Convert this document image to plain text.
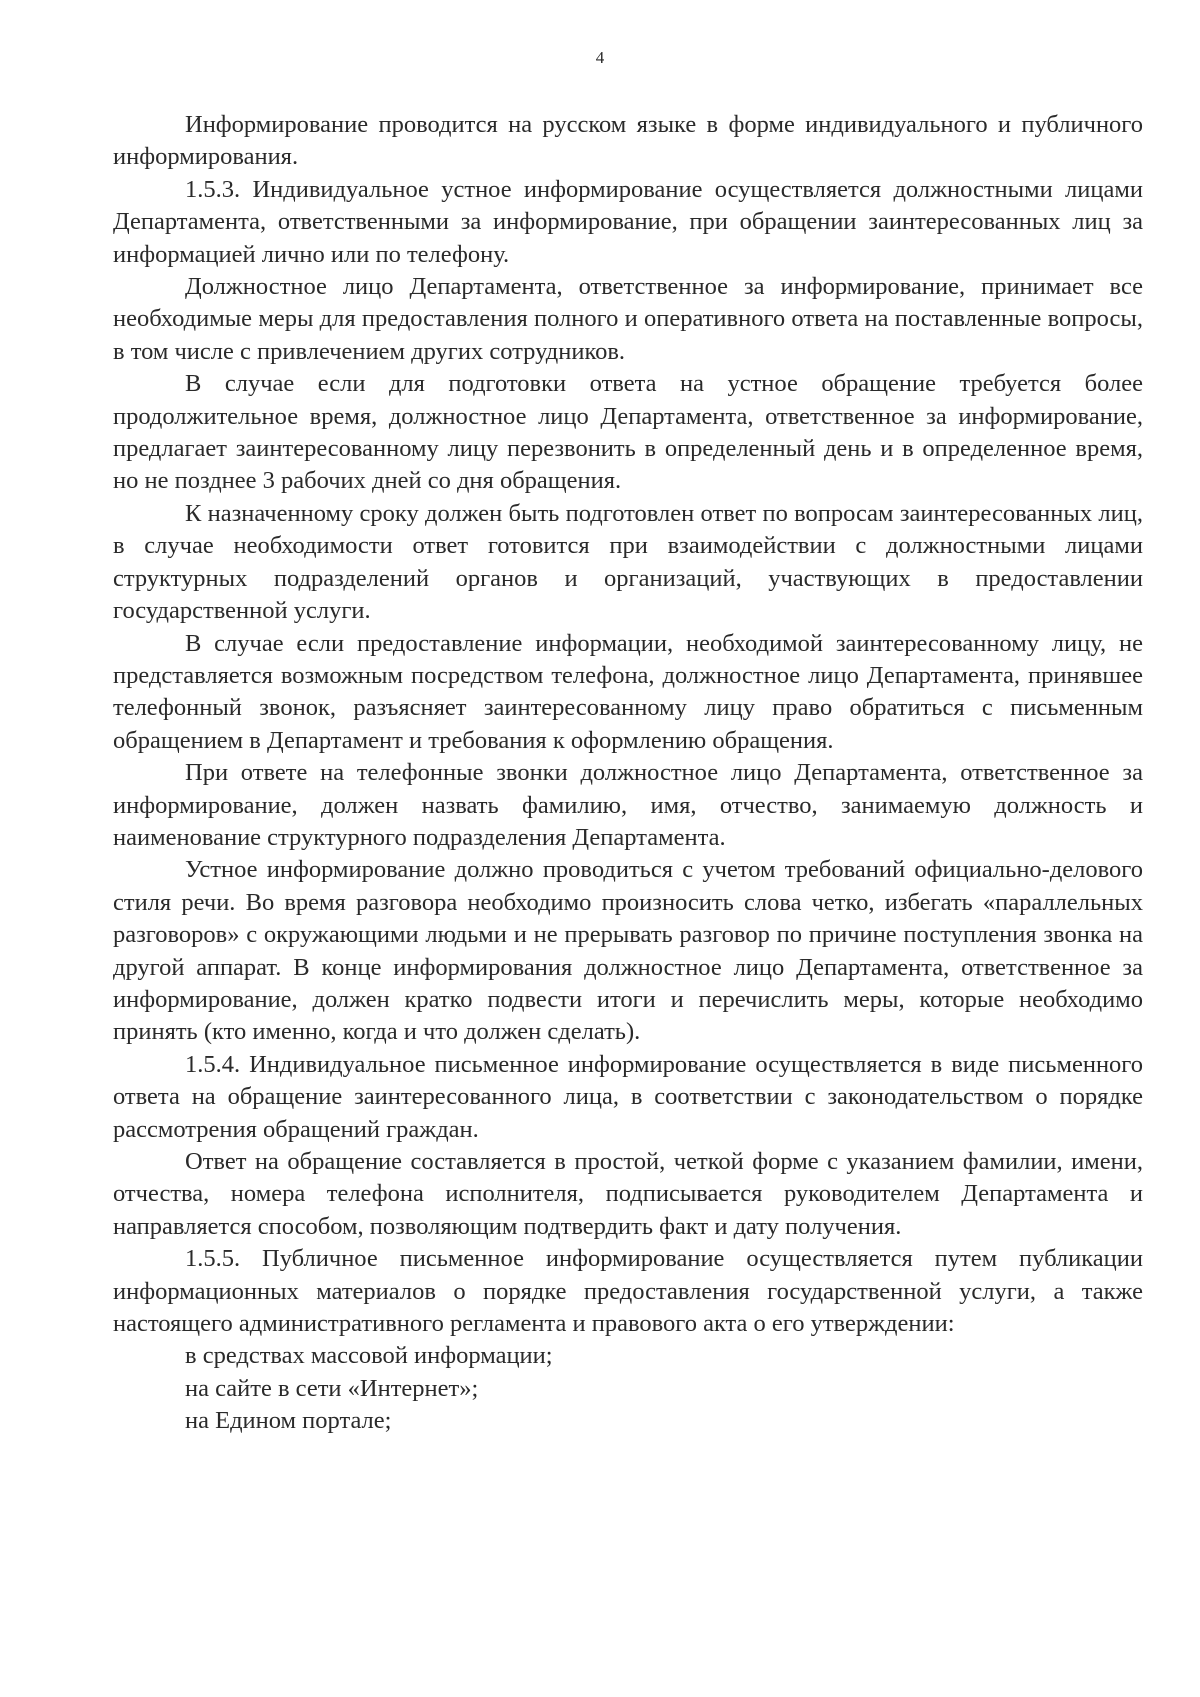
4

Информирование проводится на русском языке в форме индивидуального и публичного информирования.

1.5.3. Индивидуальное устное информирование осуществляется должностными лицами Департамента, ответственными за информирование, при обращении заинтересованных лиц за информацией лично или по телефону.

Должностное лицо Департамента, ответственное за информирование, принимает все необходимые меры для предоставления полного и оперативного ответа на поставленные вопросы, в том числе с привлечением других сотрудников.

В случае если для подготовки ответа на устное обращение требуется более продолжительное время, должностное лицо Департамента, ответственное за информирование, предлагает заинтересованному лицу перезвонить в определенный день и в определенное время, но не позднее 3 рабочих дней со дня обращения.

К назначенному сроку должен быть подготовлен ответ по вопросам заинтересованных лиц, в случае необходимости ответ готовится при взаимодействии с должностными лицами структурных подразделений органов и организаций, участвующих в предоставлении государственной услуги.

В случае если предоставление информации, необходимой заинтересованному лицу, не представляется возможным посредством телефона, должностное лицо Департамента, принявшее телефонный звонок, разъясняет заинтересованному лицу право обратиться с письменным обращением в Департамент и требования к оформлению обращения.

При ответе на телефонные звонки должностное лицо Департамента, ответственное за информирование, должен назвать фамилию, имя, отчество, занимаемую должность и наименование структурного подразделения Департамента.

Устное информирование должно проводиться с учетом требований официально-делового стиля речи. Во время разговора необходимо произносить слова четко, избегать «параллельных разговоров» с окружающими людьми и не прерывать разговор по причине поступления звонка на другой аппарат. В конце информирования должностное лицо Департамента, ответственное за информирование, должен кратко подвести итоги и перечислить меры, которые необходимо принять (кто именно, когда и что должен сделать).

1.5.4. Индивидуальное письменное информирование осуществляется в виде письменного ответа на обращение заинтересованного лица, в соответствии с законодательством о порядке рассмотрения обращений граждан.

Ответ на обращение составляется в простой, четкой форме с указанием фамилии, имени, отчества, номера телефона исполнителя, подписывается руководителем Департамента и направляется способом, позволяющим подтвердить факт и дату получения.

1.5.5. Публичное письменное информирование осуществляется путем публикации информационных материалов о порядке предоставления государственной услуги, а также настоящего административного регламента и правового акта о его утверждении:

в средствах массовой информации;

на сайте в сети «Интернет»;

на Едином портале;
